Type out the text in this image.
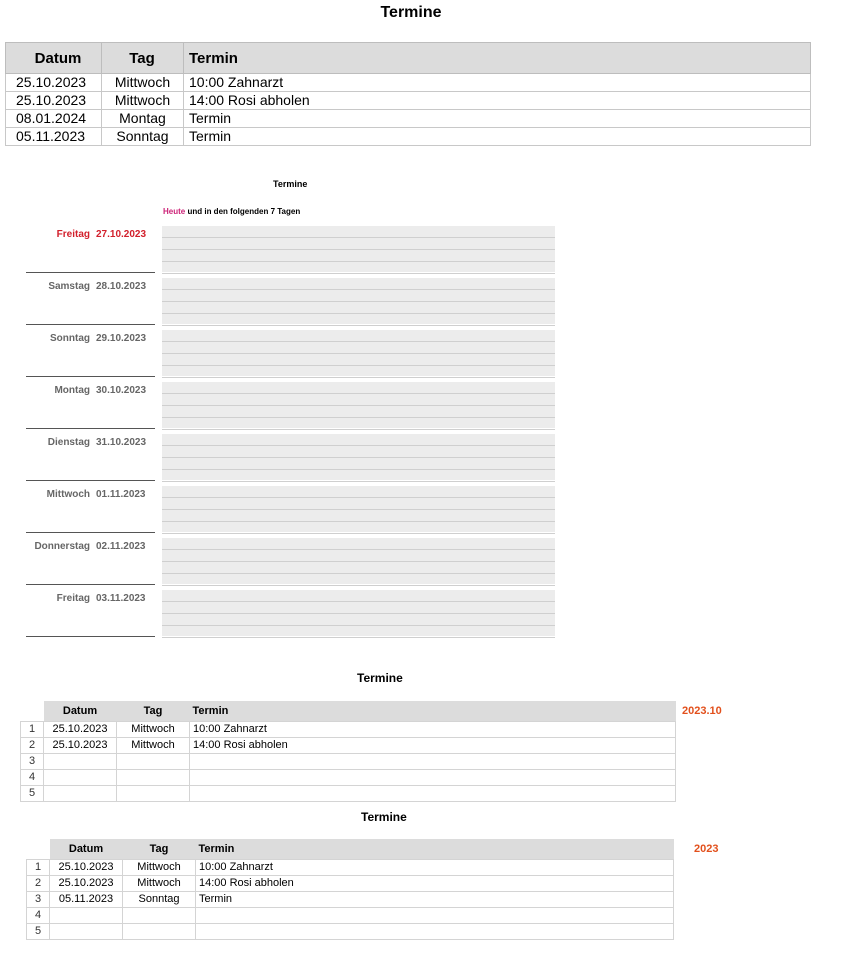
Termine
Datum	Tag	Termin
25.10.2023	Mittwoch	10:00 Zahnarzt
25.10.2023	Mittwoch	14:00 Rosi abholen
08.01.2024	Montag	Termin
05.11.2023	Sonntag	Termin
Termine
Heute und in den folgenden 7 Tagen
Freitag 27.10.2023
Samstag 28.10.2023
Sonntag 29.10.2023
Montag 30.10.2023
Dienstag 31.10.2023
Mittwoch 01.11.2023
Donnerstag 02.11.2023
Freitag 03.11.2023
Termine
2023.10
	Datum	Tag	Termin
1	25.10.2023	Mittwoch	10:00 Zahnarzt
2	25.10.2023	Mittwoch	14:00 Rosi abholen
3			
4			
5			
Termine
2023
	Datum	Tag	Termin
1	25.10.2023	Mittwoch	10:00 Zahnarzt
2	25.10.2023	Mittwoch	14:00 Rosi abholen
3	05.11.2023	Sonntag	Termin
4			
5			
